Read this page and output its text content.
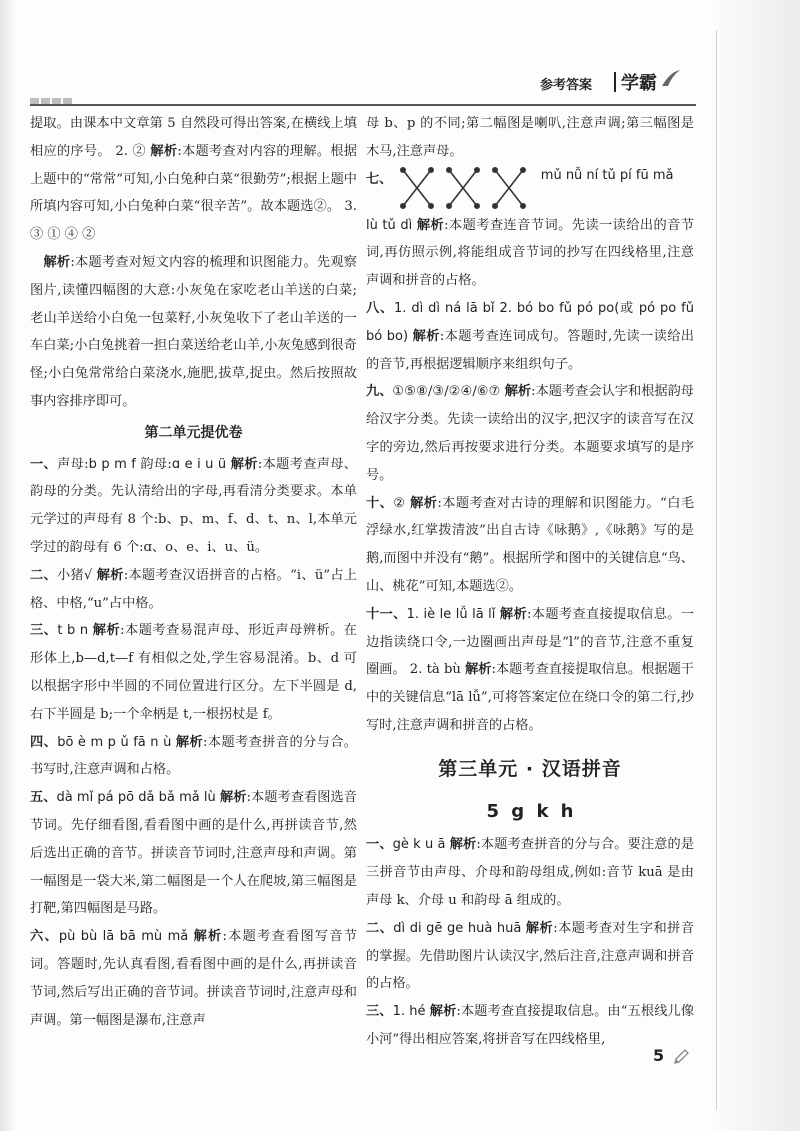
参考答案 学霸

提取。由课本中文章第 5 自然段可得出答案,在横线上填相应的序号。 2. ② 解析:本题考查对内容的理解。根据上题中的“常常”可知,小白兔种白菜“很勤劳”;根据上题中所填内容可知,小白兔种白菜“很辛苦”。故本题选②。 3. ③ ① ④ ②

 解析:本题考查对短文内容的梳理和识图能力。先观察图片,读懂四幅图的大意:小灰兔在家吃老山羊送的白菜;老山羊送给小白兔一包菜籽,小灰兔收下了老山羊送的一车白菜;小白兔挑着一担白菜送给老山羊,小灰兔感到很奇怪;小白兔常常给白菜浇水,施肥,拔草,捉虫。然后按照故事内容排序即可。

第二单元提优卷

一、声母:b p m f 韵母:ɑ e i u ü 解析:本题考查声母、韵母的分类。先认清给出的字母,再看清分类要求。本单元学过的声母有 8 个:b、p、m、f、d、t、n、l,本单元学过的韵母有 6 个:ɑ、o、e、i、u、ü。

二、小猪√ 解析:本题考查汉语拼音的占格。“i、ü”占上格、中格,“u”占中格。

三、t b n 解析:本题考查易混声母、形近声母辨析。在形体上,b—d,t—f 有相似之处,学生容易混淆。b、d 可以根据字形中半圆的不同位置进行区分。左下半圆是 d,右下半圆是 b;一个伞柄是 t,一根拐杖是 f。

四、bō è m p ǔ fā n ù 解析:本题考查拼音的分与合。书写时,注意声调和占格。

五、dà mǐ pá pō dǎ bǎ mǎ lù 解析:本题考查看图选音节词。先仔细看图,看看图中画的是什么,再拼读音节,然后选出正确的音节。拼读音节词时,注意声母和声调。第一幅图是一袋大米,第二幅图是一个人在爬坡,第三幅图是打靶,第四幅图是马路。

六、pù bù lā bā mù mǎ 解析:本题考查看图写音节词。答题时,先认真看图,看看图中画的是什么,再拼读音节词,然后写出正确的音节词。拼读音节词时,注意声母和声调。第一幅图是瀑布,注意声

母 b、p 的不同;第二幅图是喇叭,注意声调;第三幅图是木马,注意声母。

七、	mǔ nǚ ní tǔ pí fū mǎ

lù tǔ dì 解析:本题考查连音节词。先读一读给出的音节词,再仿照示例,将能组成音节词的抄写在四线格里,注意声调和拼音的占格。

八、1. dì dì ná lā bǐ 2. bó bo fǔ pó po(或 pó po fǔ bó bo) 解析:本题考查连词成句。答题时,先读一读给出的音节,再根据逻辑顺序来组织句子。

九、①⑤⑧/③/②④/⑥⑦ 解析:本题考查会认字和根据韵母给汉字分类。先读一读给出的汉字,把汉字的读音写在汉字的旁边,然后再按要求进行分类。本题要求填写的是序号。

十、② 解析:本题考查对古诗的理解和识图能力。“白毛浮绿水,红掌拨清波”出自古诗《咏鹅》,《咏鹅》写的是鹅,而图中并没有“鹅”。根据所学和图中的关键信息“鸟、山、桃花”可知,本题选②。

十一、1. iè le lǚ lā lǐ 解析:本题考查直接提取信息。一边指读绕口令,一边圈画出声母是“l”的音节,注意不重复圈画。 2. tà bù 解析:本题考查直接提取信息。根据题干中的关键信息“lā lǚ”,可将答案定位在绕口令的第二行,抄写时,注意声调和拼音的占格。

第三单元 · 汉语拼音
5 g k h

一、gè k u ā 解析:本题考查拼音的分与合。要注意的是三拼音节由声母、介母和韵母组成,例如:音节 kuā 是由声母 k、介母 u 和韵母 ā 组成的。

二、dì di gē ge huà huā 解析:本题考查对生字和拼音的掌握。先借助图片认读汉字,然后注音,注意声调和拼音的占格。

三、1. hé 解析:本题考查直接提取信息。由“五根线儿像小河”得出相应答案,将拼音写在四线格里,

5
